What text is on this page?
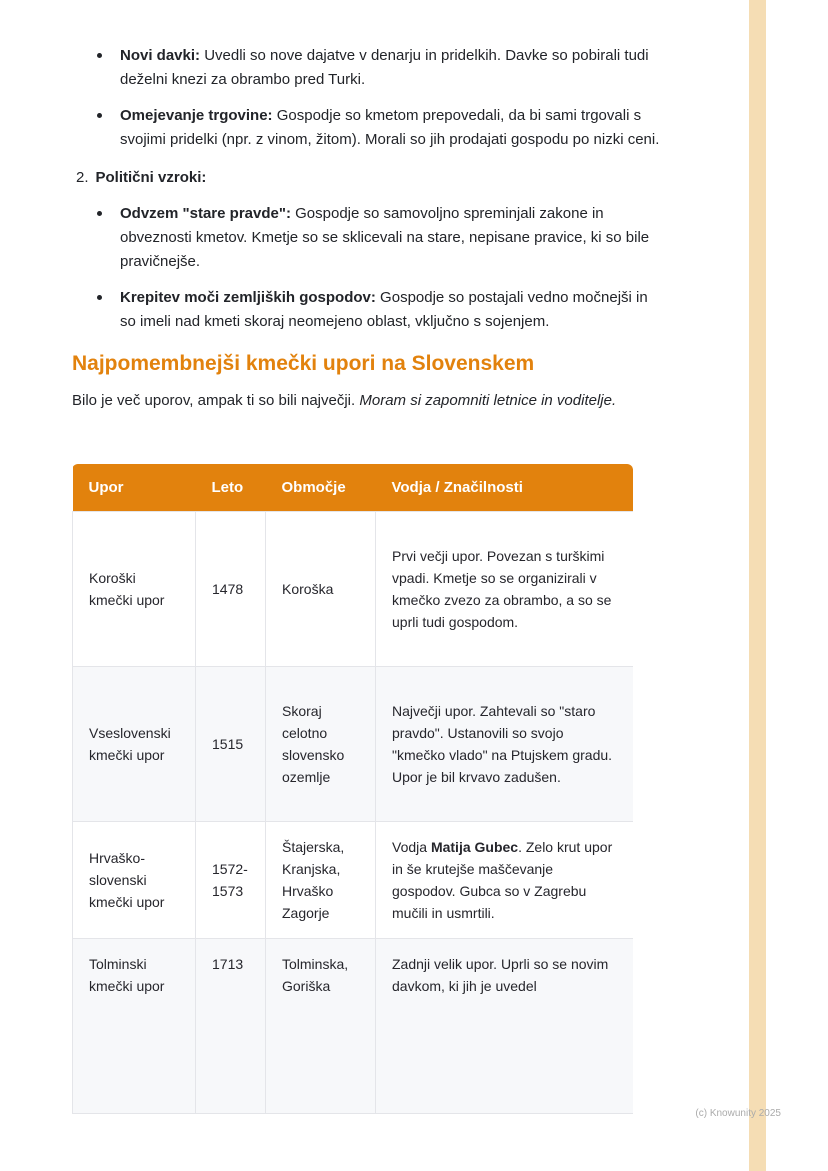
Novi davki: Uvedli so nove dajatve v denarju in pridelkih. Davke so pobirali tudi deželni knezi za obrambo pred Turki.
Omejevanje trgovine: Gospodje so kmetom prepovedali, da bi sami trgovali s svojimi pridelki (npr. z vinom, žitom). Morali so jih prodajati gospodu po nizki ceni.
2. Politični vzroki:
Odvzem "stare pravde": Gospodje so samovoljno spreminjali zakone in obveznosti kmetov. Kmetje so se sklicevali na stare, nepisane pravice, ki so bile pravičnejše.
Krepitev moči zemljiških gospodov: Gospodje so postajali vedno močnejši in so imeli nad kmeti skoraj neomejeno oblast, vključno s sojenjem.
Najpomembnejši kmečki upori na Slovenskem

Bilo je več uporov, ampak ti so bili največji. Moram si zapomniti letnice in voditelje.

Upor	Leto	Območje	Vodja / Značilnosti
Koroški kmečki upor	1478	Koroška	Prvi večji upor. Povezan s turškimi vpadi. Kmetje so se organizirali v kmečko zvezo za obrambo, a so se uprli tudi gospodom.
Vseslovenski kmečki upor	1515	Skoraj celotno slovensko ozemlje	Največji upor. Zahtevali so "staro pravdo". Ustanovili so svojo "kmečko vlado" na Ptujskem gradu. Upor je bil krvavo zadušen.
Hrvaško-slovenski kmečki upor	1572-1573	Štajerska, Kranjska, Hrvaško Zagorje	Vodja Matija Gubec. Zelo krut upor in še krutejše maščevanje gospodov. Gubca so v Zagrebu mučili in usmrtili.
Tolminski kmečki upor	1713	Tolminska, Goriška	Zadnji velik upor. Uprli so se novim davkom, ki jih je uvedel
(c) Knowunity 2025
